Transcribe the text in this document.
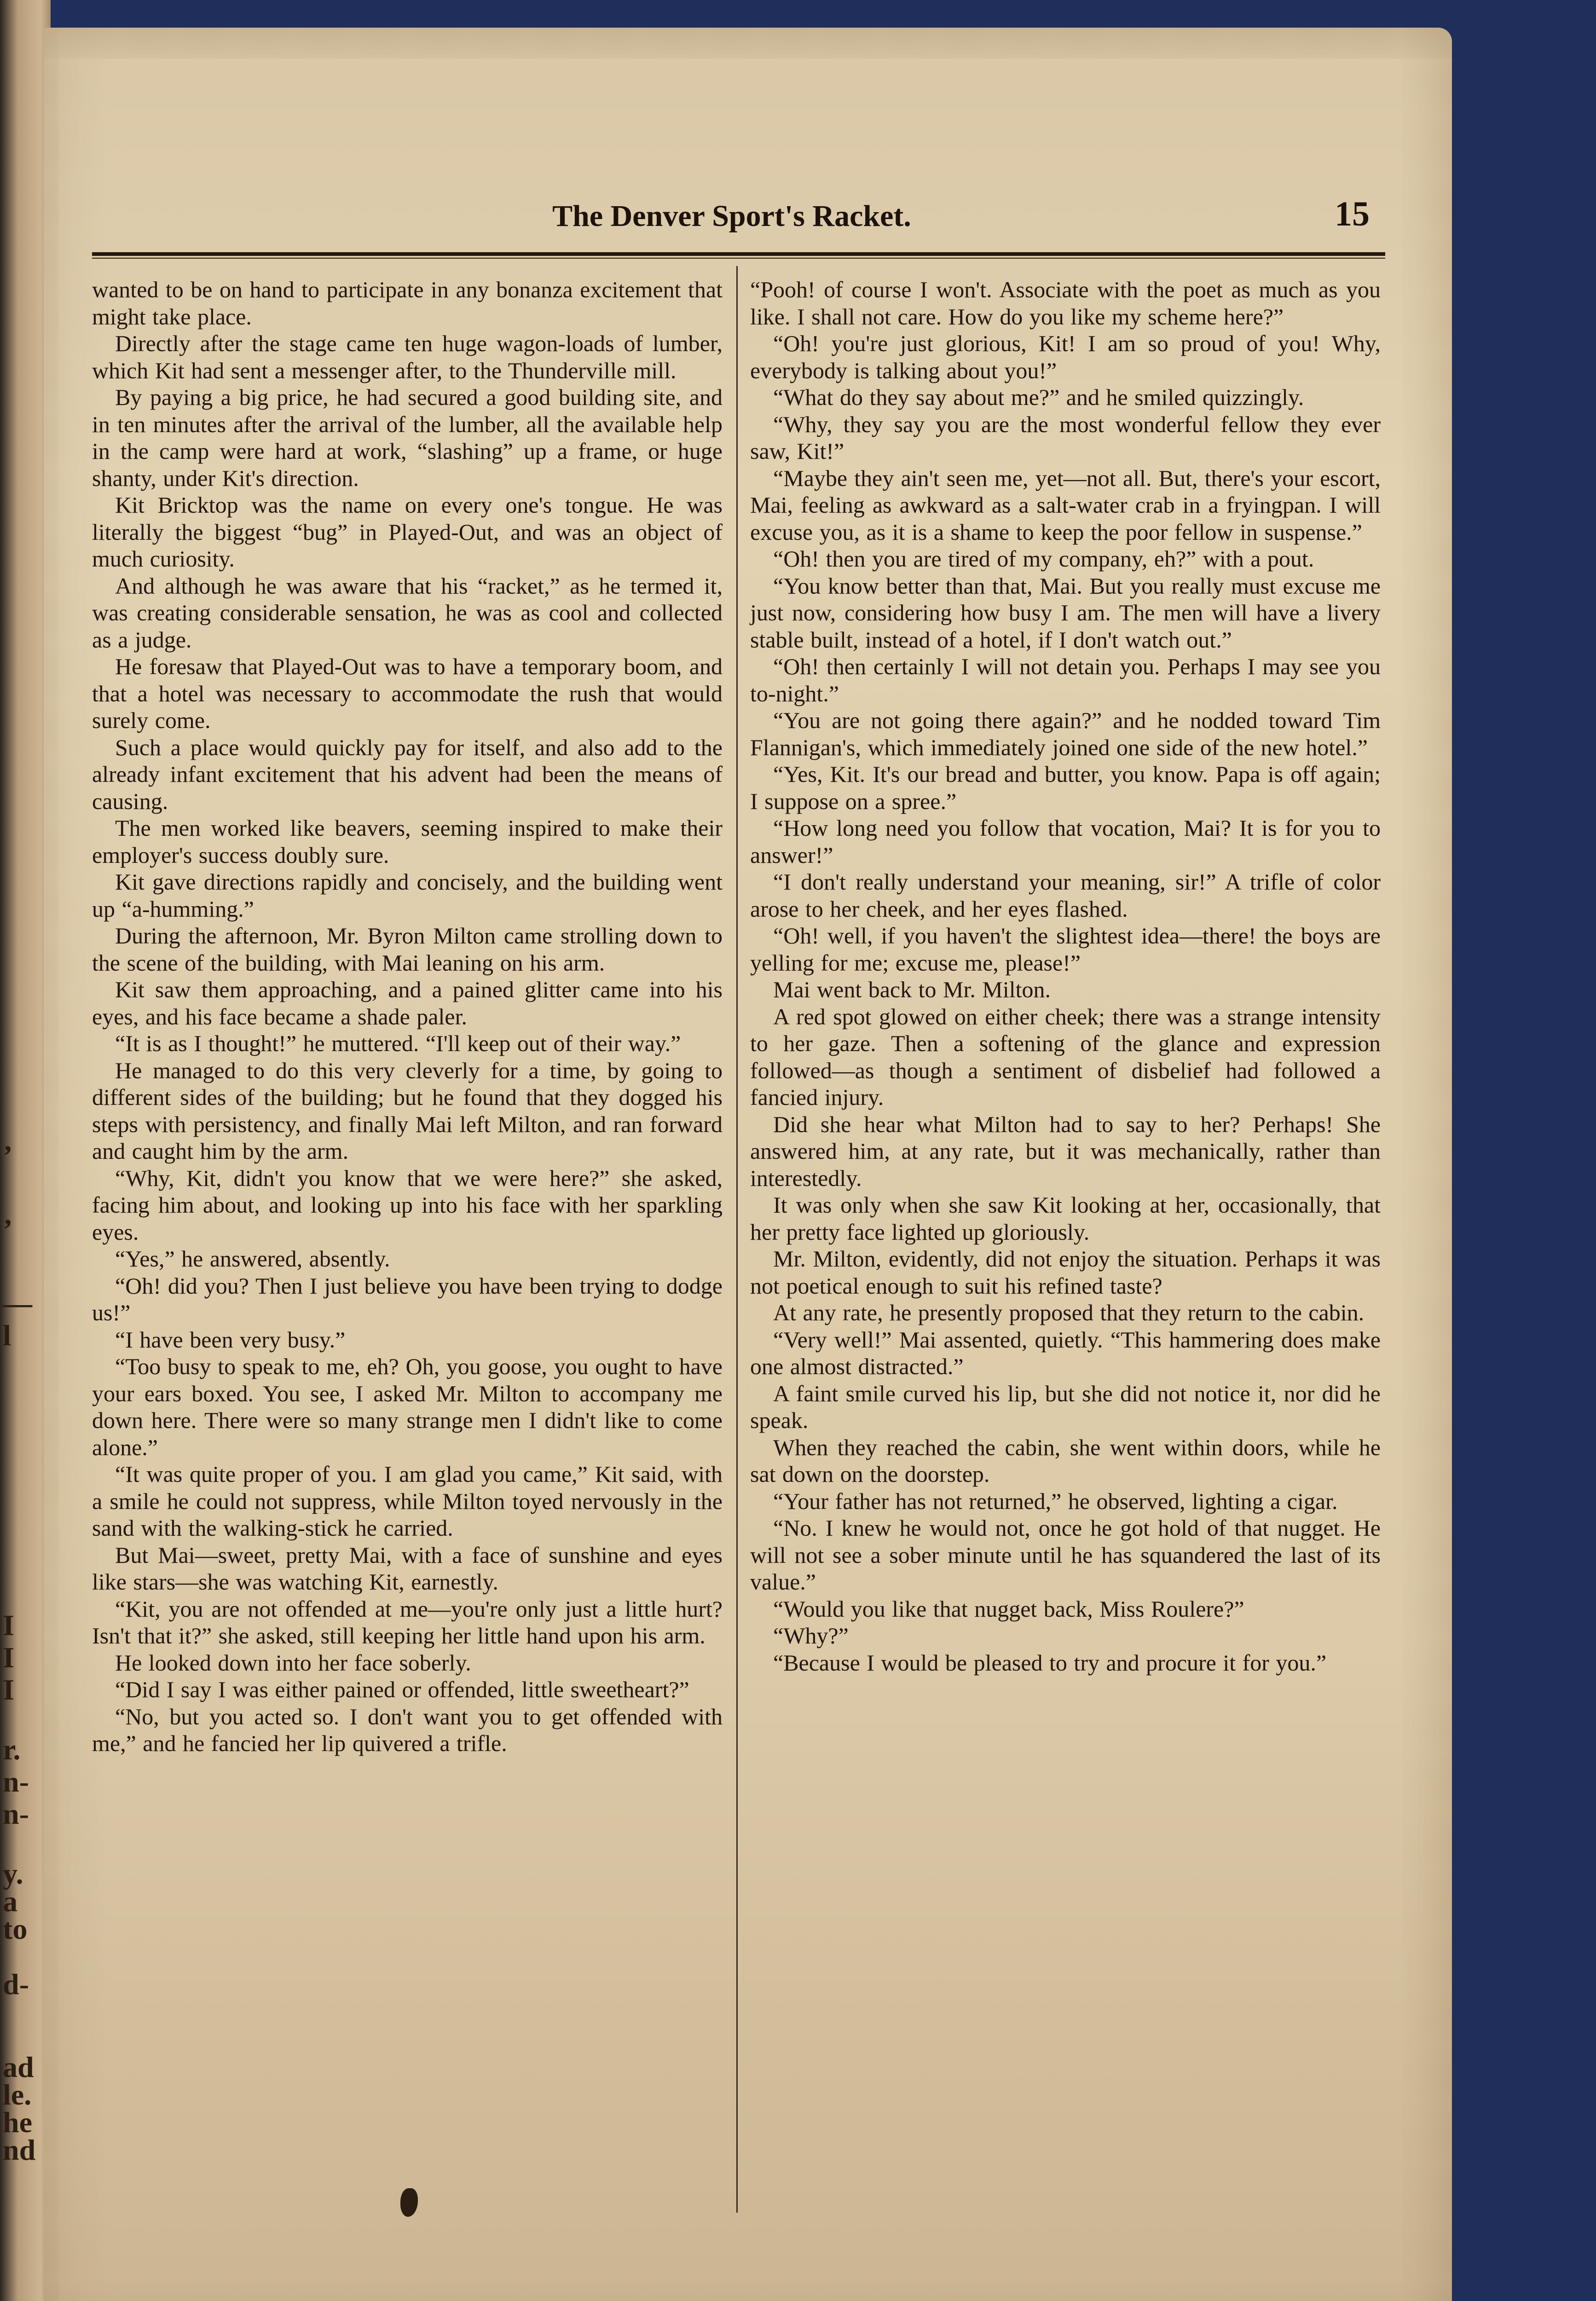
’
’
—
l
I
I
I
r.
n-
n-
y.
a
to
d-
ad
le.
he
nd
The Denver Sport's Racket.	15

wanted to be on hand to participate in any bonanza excitement that might take place.

Directly after the stage came ten huge wagon-loads of lumber, which Kit had sent a messenger after, to the Thunderville mill.

By paying a big price, he had secured a good building site, and in ten minutes after the arrival of the lumber, all the available help in the camp were hard at work, “slashing” up a frame, or huge shanty, under Kit's direction.

Kit Bricktop was the name on every one's tongue. He was literally the biggest “bug” in Played-Out, and was an object of much curiosity.

And although he was aware that his “racket,” as he termed it, was creating considerable sensation, he was as cool and collected as a judge.

He foresaw that Played-Out was to have a temporary boom, and that a hotel was necessary to accommodate the rush that would surely come.

Such a place would quickly pay for itself, and also add to the already infant excitement that his advent had been the means of causing.

The men worked like beavers, seeming inspired to make their employer's success doubly sure.

Kit gave directions rapidly and concisely, and the building went up “a-humming.”

During the afternoon, Mr. Byron Milton came strolling down to the scene of the building, with Mai leaning on his arm.

Kit saw them approaching, and a pained glitter came into his eyes, and his face became a shade paler.

“It is as I thought!” he muttered. “I'll keep out of their way.”

He managed to do this very cleverly for a time, by going to different sides of the building; but he found that they dogged his steps with persistency, and finally Mai left Milton, and ran forward and caught him by the arm.

“Why, Kit, didn't you know that we were here?” she asked, facing him about, and looking up into his face with her sparkling eyes.

“Yes,” he answered, absently.

“Oh! did you? Then I just believe you have been trying to dodge us!”

“I have been very busy.”

“Too busy to speak to me, eh? Oh, you goose, you ought to have your ears boxed. You see, I asked Mr. Milton to accompany me down here. There were so many strange men I didn't like to come alone.”

“It was quite proper of you. I am glad you came,” Kit said, with a smile he could not suppress, while Milton toyed nervously in the sand with the walking-stick he carried.

But Mai—sweet, pretty Mai, with a face of sunshine and eyes like stars—she was watching Kit, earnestly.

“Kit, you are not offended at me—you're only just a little hurt? Isn't that it?” she asked, still keeping her little hand upon his arm.

He looked down into her face soberly.

“Did I say I was either pained or offended, little sweetheart?”

“No, but you acted so. I don't want you to get offended with me,” and he fancied her lip quivered a trifle.

“Pooh! of course I won't. Associate with the poet as much as you like. I shall not care. How do you like my scheme here?”

“Oh! you're just glorious, Kit! I am so proud of you! Why, everybody is talking about you!”

“What do they say about me?” and he smiled quizzingly.

“Why, they say you are the most wonderful fellow they ever saw, Kit!”

“Maybe they ain't seen me, yet—not all. But, there's your escort, Mai, feeling as awkward as a salt-water crab in a fryingpan. I will excuse you, as it is a shame to keep the poor fellow in suspense.”

“Oh! then you are tired of my company, eh?” with a pout.

“You know better than that, Mai. But you really must excuse me just now, considering how busy I am. The men will have a livery stable built, instead of a hotel, if I don't watch out.”

“Oh! then certainly I will not detain you. Perhaps I may see you to-night.”

“You are not going there again?” and he nodded toward Tim Flannigan's, which immediately joined one side of the new hotel.”

“Yes, Kit. It's our bread and butter, you know. Papa is off again; I suppose on a spree.”

“How long need you follow that vocation, Mai? It is for you to answer!”

“I don't really understand your meaning, sir!” A trifle of color arose to her cheek, and her eyes flashed.

“Oh! well, if you haven't the slightest idea—there! the boys are yelling for me; excuse me, please!”

Mai went back to Mr. Milton.

A red spot glowed on either cheek; there was a strange intensity to her gaze. Then a softening of the glance and expression followed—as though a sentiment of disbelief had followed a fancied injury.

Did she hear what Milton had to say to her? Perhaps! She answered him, at any rate, but it was mechanically, rather than interestedly.

It was only when she saw Kit looking at her, occasionally, that her pretty face lighted up gloriously.

Mr. Milton, evidently, did not enjoy the situation. Perhaps it was not poetical enough to suit his refined taste?

At any rate, he presently proposed that they return to the cabin.

“Very well!” Mai assented, quietly. “This hammering does make one almost distracted.”

A faint smile curved his lip, but she did not notice it, nor did he speak.

When they reached the cabin, she went within doors, while he sat down on the doorstep.

“Your father has not returned,” he observed, lighting a cigar.

“No. I knew he would not, once he got hold of that nugget. He will not see a sober minute until he has squandered the last of its value.”

“Would you like that nugget back, Miss Roulere?”

“Why?”

“Because I would be pleased to try and procure it for you.”
